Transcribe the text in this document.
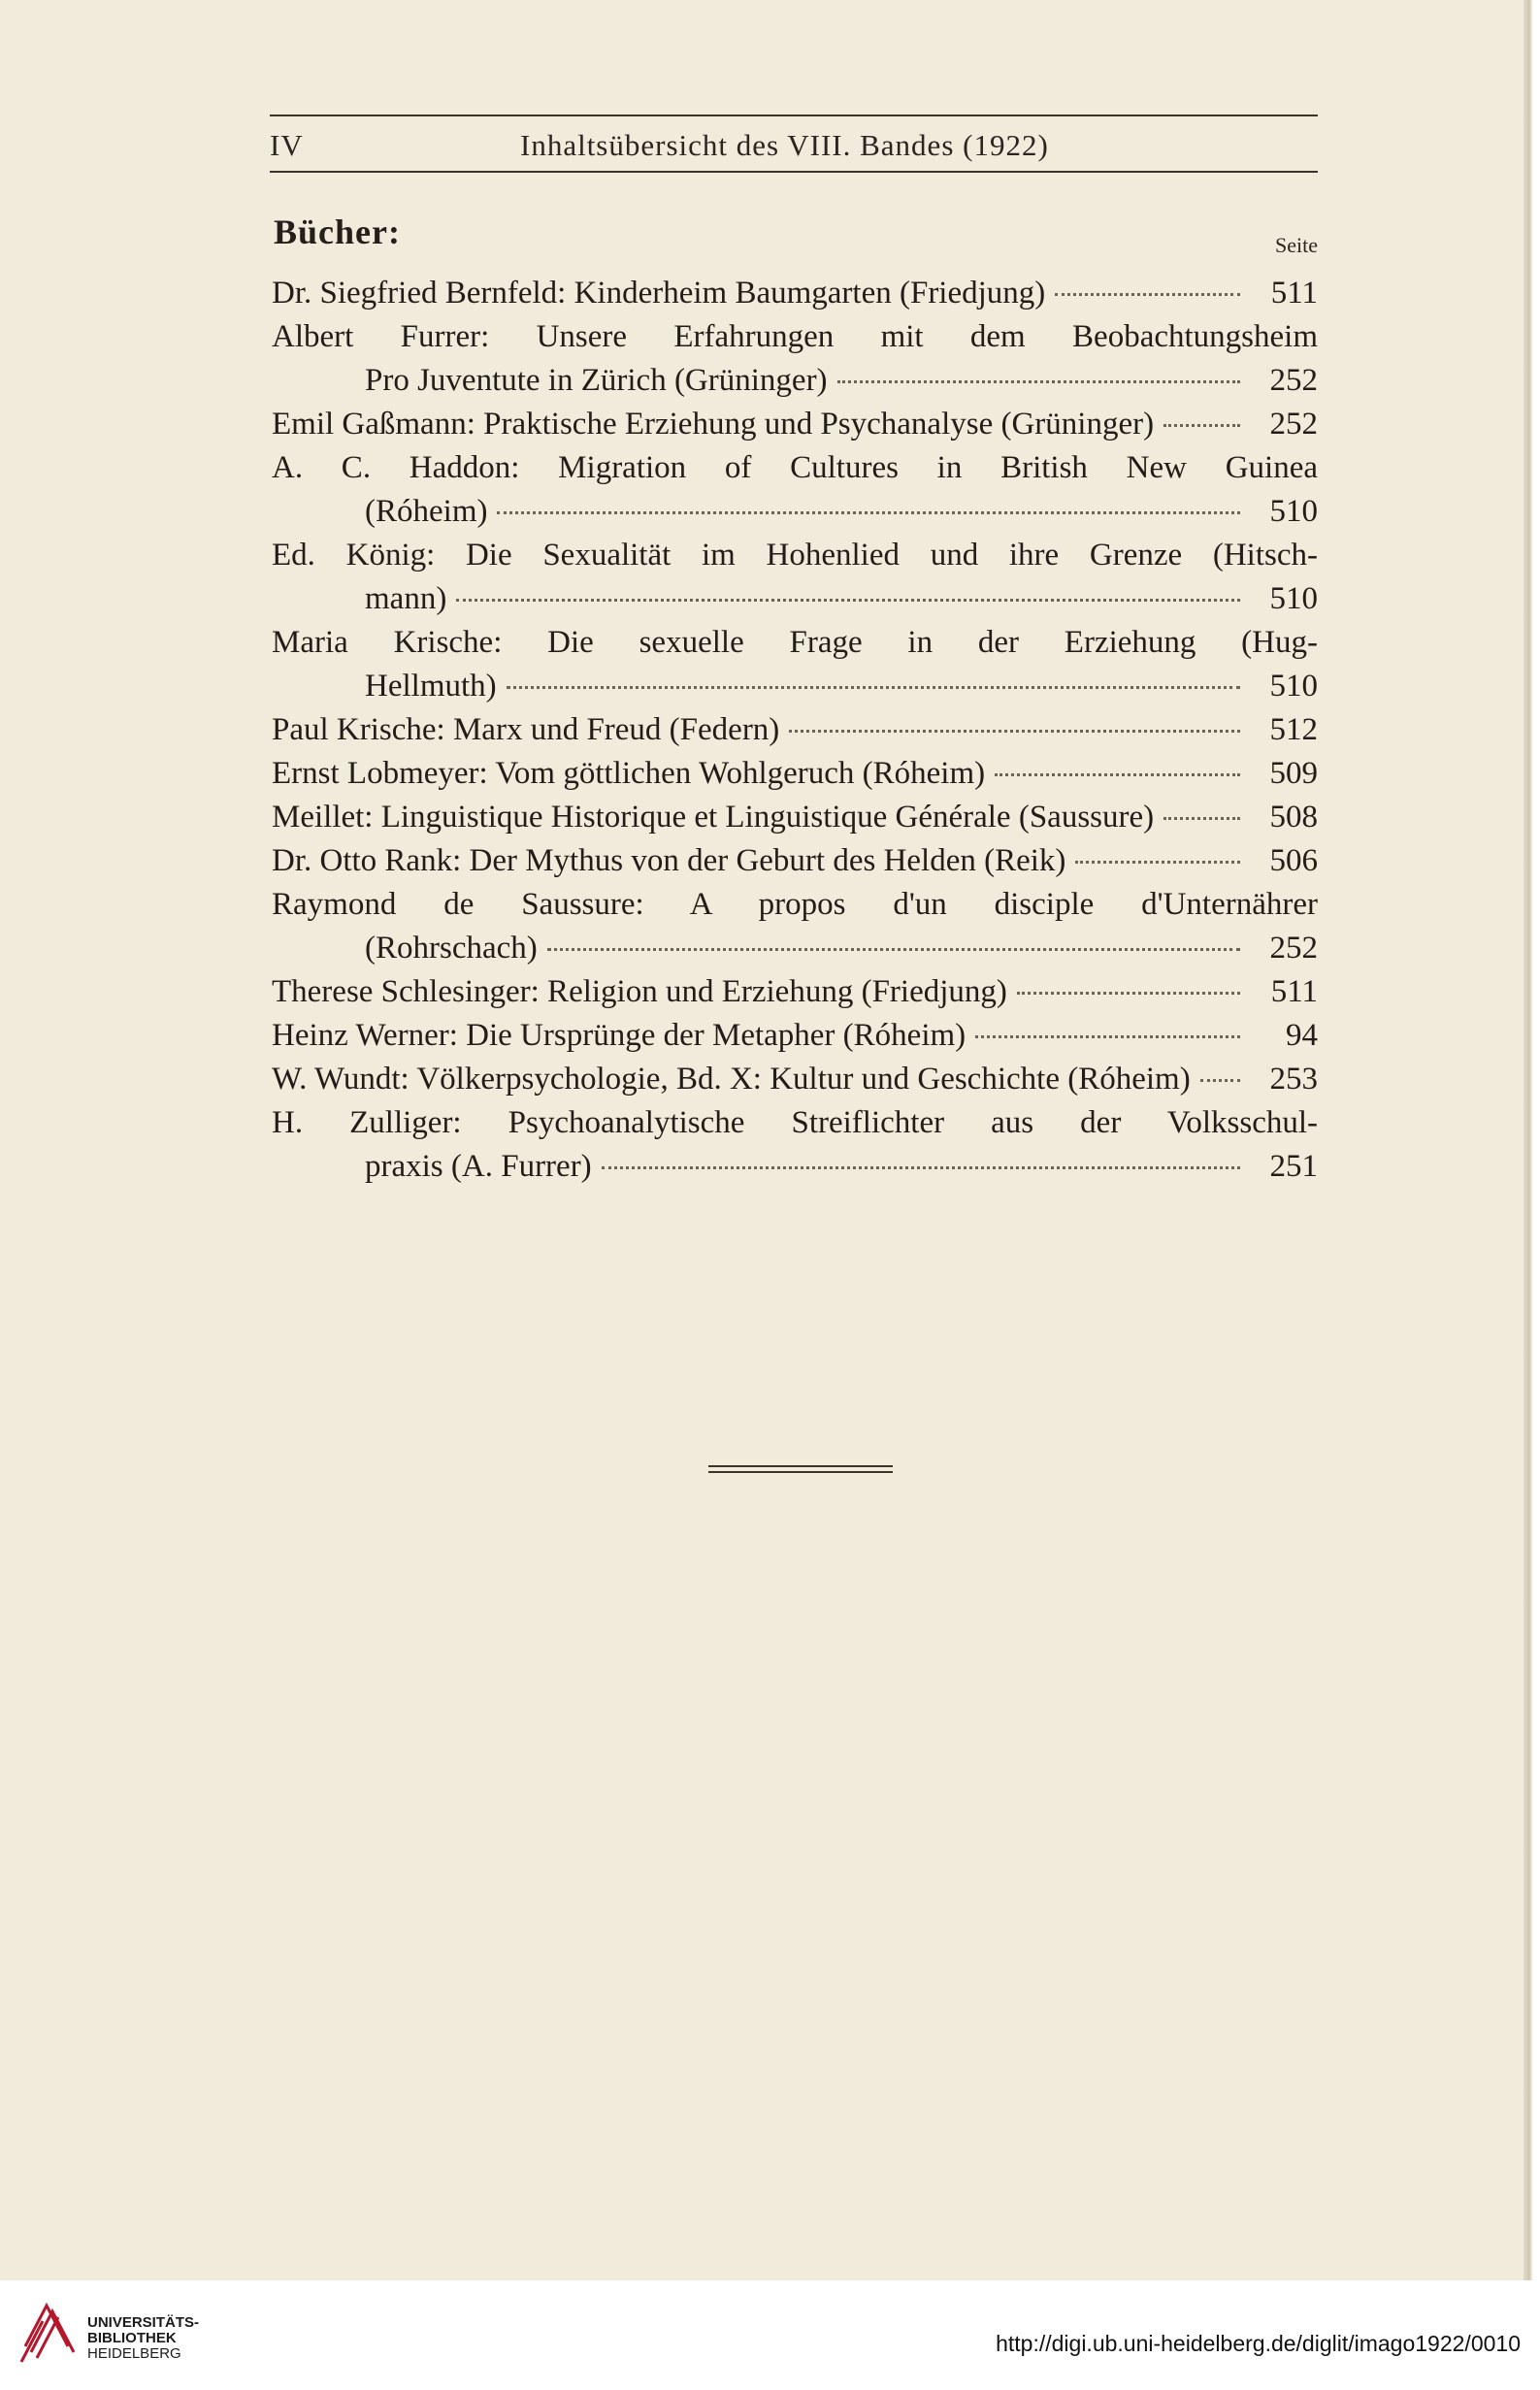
IV	Inhaltsübersicht des VIII. Bandes (1922)
Bücher:	Seite
Dr. Siegfried Bernfeld: Kinderheim Baumgarten (Friedjung)	511
Albert Furrer: Unsere Erfahrungen mit dem Beobachtungsheim
Pro Juventute in Zürich (Grüninger)	252
Emil Gaßmann: Praktische Erziehung und Psychanalyse (Grüninger)	252
A. C. Haddon: Migration of Cultures in British New Guinea
(Róheim)	510
Ed. König: Die Sexualität im Hohenlied und ihre Grenze (Hitsch-
mann)	510
Maria Krische: Die sexuelle Frage in der Erziehung (Hug-
Hellmuth)	510
Paul Krische: Marx und Freud (Federn)	512
Ernst Lobmeyer: Vom göttlichen Wohlgeruch (Róheim)	509
Meillet: Linguistique Historique et Linguistique Générale (Saussure)	508
Dr. Otto Rank: Der Mythus von der Geburt des Helden (Reik)	506
Raymond de Saussure: A propos d'un disciple d'Unternährer
(Rohrschach)	252
Therese Schlesinger: Religion und Erziehung (Friedjung)	511
Heinz Werner: Die Ursprünge der Metapher (Róheim)	94
W. Wundt: Völkerpsychologie, Bd. X: Kultur und Geschichte (Róheim)	253
H. Zulliger: Psychoanalytische Streiflichter aus der Volksschul-
praxis (A. Furrer)	251
UNIVERSITÄTS-
BIBLIOTHEK
HEIDELBERG	http://digi.ub.uni-heidelberg.de/diglit/imago1922/0010
